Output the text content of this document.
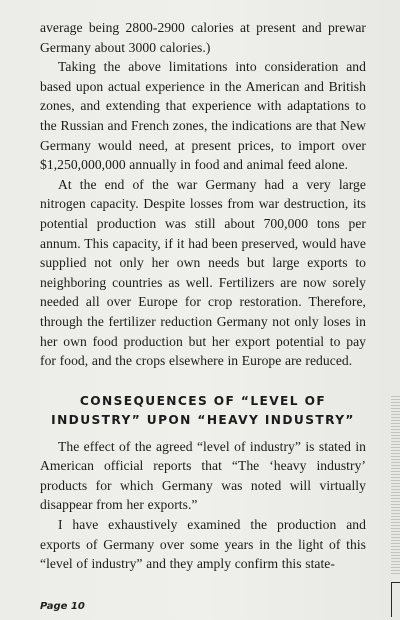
average being 2800-2900 calories at present and prewar Germany about 3000 calories.)

Taking the above limitations into consideration and based upon actual experience in the American and British zones, and extending that experience with adaptations to the Russian and French zones, the indications are that New Germany would need, at present prices, to import over $1,250,000,000 annually in food and animal feed alone.

At the end of the war Germany had a very large nitrogen capacity. Despite losses from war destruction, its potential production was still about 700,000 tons per annum. This capacity, if it had been preserved, would have supplied not only her own needs but large exports to neighboring countries as well. Fertilizers are now sorely needed all over Europe for crop restoration. Therefore, through the fertilizer reduction Germany not only loses in her own food production but her export potential to pay for food, and the crops elsewhere in Europe are reduced.

CONSEQUENCES OF “LEVEL OF INDUSTRY” UPON “HEAVY INDUSTRY”

The effect of the agreed “level of industry” is stated in American official reports that “The ‘heavy industry’ products for which Germany was noted will virtually disappear from her exports.”

I have exhaustively examined the production and exports of Germany over some years in the light of this “level of industry” and they amply confirm this state-

Page 10
